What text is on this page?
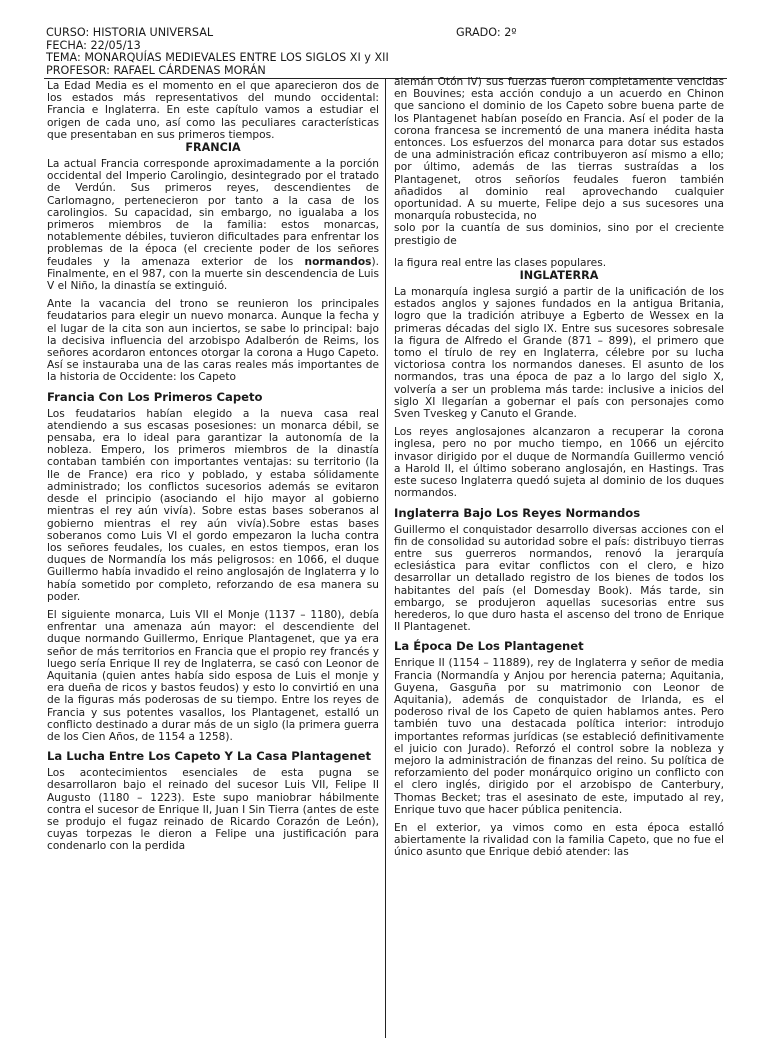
CURSO: HISTORIA UNIVERSAL	GRADO: 2º
FECHA: 22/05/13
TEMA: MONARQUÍAS MEDIEVALES ENTRE LOS SIGLOS XI y XII
PROFESOR: RAFAEL CÁRDENAS MORÁN

La Edad Media es el momento en el que aparecieron dos de los estados más representativos del mundo occidental: Francia e Inglaterra. En este capítulo vamos a estudiar el origen de cada uno, así como las peculiares características que presentaban en sus primeros tiempos.

FRANCIA

La actual Francia corresponde aproximadamente a la porción occidental del Imperio Carolingio, desintegrado por el tratado de Verdún. Sus primeros reyes, descendientes de Carlomagno, pertenecieron por tanto a la casa de los carolingios. Su capacidad, sin embargo, no igualaba a los primeros miembros de la familia: estos monarcas, notablemente débiles, tuvieron dificultades para enfrentar los problemas de la época (el creciente poder de los señores feudales y la amenaza exterior de los normandos). Finalmente, en el 987, con la muerte sin descendencia de Luis V el Niño, la dinastía se extinguió.

Ante la vacancia del trono se reunieron los principales feudatarios para elegir un nuevo monarca. Aunque la fecha y el lugar de la cita son aun inciertos, se sabe lo principal: bajo la decisiva influencia del arzobispo Adalberón de Reims, los señores acordaron entonces otorgar la corona a Hugo Capeto. Así se instauraba una de las caras reales más importantes de la historia de Occidente: los Capeto

Francia Con Los Primeros Capeto

Los feudatarios habían elegido a la nueva casa real atendiendo a sus escasas posesiones: un monarca débil, se pensaba, era lo ideal para garantizar la autonomía de la nobleza. Empero, los primeros miembros de la dinastía contaban también con importantes ventajas: su territorio (la Ile de France) era rico y poblado, y estaba sólidamente administrado; los conflictos sucesorios además se evitaron desde el principio (asociando el hijo mayor al gobierno mientras el rey aún vivía). Sobre estas bases soberanos al gobierno mientras el rey aún vivía).Sobre estas bases soberanos como Luis VI el gordo empezaron la lucha contra los señores feudales, los cuales, en estos tiempos, eran los duques de Normandía los más peligrosos: en 1066, el duque Guillermo había invadido el reino anglosajón de Inglaterra y lo había sometido por completo, reforzando de esa manera su poder.

El siguiente monarca, Luis VII el Monje (1137 – 1180), debía enfrentar una amenaza aún mayor: el descendiente del duque normando Guillermo, Enrique Plantagenet, que ya era señor de más territorios en Francia que el propio rey francés y luego sería Enrique II rey de Inglaterra, se casó con Leonor de Aquitania (quien antes había sido esposa de Luis el monje y era dueña de ricos y bastos feudos) y esto lo convirtió en una de la figuras más poderosas de su tiempo. Entre los reyes de Francia y sus potentes vasallos, los Plantagenet, estalló un conflicto destinado a durar más de un siglo (la primera guerra de los Cien Años, de 1154 a 1258).

La Lucha Entre Los Capeto Y La Casa Plantagenet

Los acontecimientos esenciales de esta pugna se desarrollaron bajo el reinado del sucesor Luis VII, Felipe II Augusto (1180 – 1223). Este supo maniobrar hábilmente contra el sucesor de Enrique II, Juan I Sin Tierra (antes de este se produjo el fugaz reinado de Ricardo Corazón de León), cuyas torpezas le dieron a Felipe una justificación para condenarlo con la perdida

alemán Otón IV) sus fuerzas fueron completamente vencidas en Bouvines; esta acción condujo a un acuerdo en Chinon que sanciono el dominio de los Capeto sobre buena parte de los Plantagenet habían poseído en Francia. Así el poder de la corona francesa se incrementó de una manera inédita hasta entonces. Los esfuerzos del monarca para dotar sus estados de una administración eficaz contribuyeron así mismo a ello; por último, además de las tierras sustraídas a los Plantagenet, otros señoríos feudales fueron también añadidos al dominio real aprovechando cualquier oportunidad. A su muerte, Felipe dejo a sus sucesores una monarquía robustecida, no

solo por la cuantía de sus dominios, sino por el creciente prestigio de

la figura real entre las clases populares.

INGLATERRA

La monarquía inglesa surgió a partir de la unificación de los estados anglos y sajones fundados en la antigua Britania, logro que la tradición atribuye a Egberto de Wessex en la primeras décadas del siglo IX. Entre sus sucesores sobresale la figura de Alfredo el Grande (871 – 899), el primero que tomo el tírulo de rey en Inglaterra, célebre por su lucha victoriosa contra los normandos daneses. El asunto de los normandos, tras una época de paz a lo largo del siglo X, volvería a ser un problema más tarde: inclusive a inicios del siglo XI llegarían a gobernar el país con personajes como Sven Tveskeg y Canuto el Grande.

Los reyes anglosajones alcanzaron a recuperar la corona inglesa, pero no por mucho tiempo, en 1066 un ejército invasor dirigido por el duque de Normandía Guillermo venció a Harold II, el último soberano anglosajón, en Hastings. Tras este suceso Inglaterra quedó sujeta al dominio de los duques normandos.

Inglaterra Bajo Los Reyes Normandos

Guillermo el conquistador desarrollo diversas acciones con el fin de consolidad su autoridad sobre el país: distribuyo tierras entre sus guerreros normandos, renovó la jerarquía eclesiástica para evitar conflictos con el clero, e hizo desarrollar un detallado registro de los bienes de todos los habitantes del país (el Domesday Book). Más tarde, sin embargo, se produjeron aquellas sucesorias entre sus herederos, lo que duro hasta el ascenso del trono de Enrique II Plantagenet.

La Época De Los Plantagenet

Enrique II (1154 – 11889), rey de Inglaterra y señor de media Francia (Normandía y Anjou por herencia paterna; Aquitania, Guyena, Gasguña por su matrimonio con Leonor de Aquitania), además de conquistador de Irlanda, es el poderoso rival de los Capeto de quien hablamos antes. Pero también tuvo una destacada política interior: introdujo importantes reformas jurídicas (se estableció definitivamente el juicio con Jurado). Reforzó el control sobre la nobleza y mejoro la administración de finanzas del reino. Su política de reforzamiento del poder monárquico origino un conflicto con el clero inglés, dirigido por el arzobispo de Canterbury, Thomas Becket; tras el asesinato de este, imputado al rey, Enrique tuvo que hacer pública penitencia.

En el exterior, ya vimos como en esta época estalló abiertamente la rivalidad con la familia Capeto, que no fue el único asunto que Enrique debió atender: las
